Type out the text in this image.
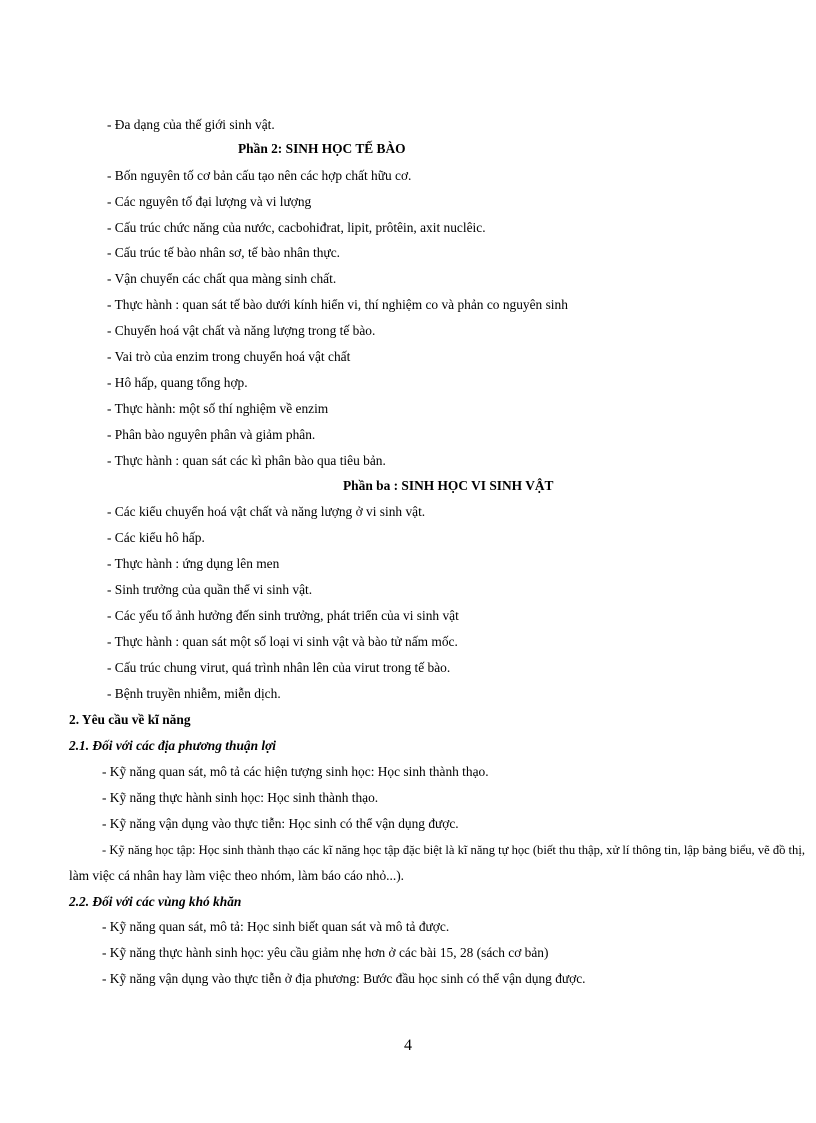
- Đa dạng của thế giới sinh vật.
Phần 2: SINH HỌC TẾ BÀO
- Bốn nguyên tố cơ bản cấu tạo nên các hợp chất hữu cơ.
- Các nguyên tố đại lượng và vi lượng
- Cấu trúc chức năng của nước, cacbohiđrat, lipit, prôtêin, axit nuclêic.
- Cấu trúc tế bào nhân sơ, tế bào nhân thực.
- Vận chuyển các chất qua màng sinh chất.
- Thực hành : quan sát tế bào dưới kính hiển vi, thí nghiệm co và phản co nguyên sinh
- Chuyển hoá vật chất và năng lượng trong tế bào.
- Vai trò của enzim trong chuyển hoá vật chất
- Hô hấp, quang tổng hợp.
- Thực hành: một số thí nghiệm về enzim
- Phân bào nguyên phân và giảm phân.
- Thực hành : quan sát các kì phân bào qua tiêu bản.
Phần ba : SINH HỌC VI SINH VẬT
- Các kiểu chuyển hoá vật chất và năng lượng ở vi sinh vật.
- Các kiểu hô hấp.
- Thực hành : ứng dụng lên men
- Sinh trưởng của quần thể vi sinh vật.
- Các yếu tố ảnh hưởng đến sinh trưởng, phát triển của vi sinh vật
- Thực hành : quan sát một số loại vi sinh vật và bào tử nấm mốc.
- Cấu trúc chung virut, quá trình nhân lên của virut trong tế bào.
- Bệnh truyền nhiễm, miễn dịch.
2. Yêu cầu về kĩ năng
2.1. Đối với các địa phương thuận lợi
- Kỹ năng quan sát, mô tả các hiện tượng sinh học: Học sinh thành thạo.
- Kỹ năng thực hành sinh học: Học sinh thành thạo.
- Kỹ năng vận dụng vào thực tiễn: Học sinh có thể vận dụng được.
- Kỹ năng học tập: Học sinh thành thạo các kĩ năng học tập đặc biệt là kĩ năng tự học (biết thu thập, xử lí thông tin, lập bảng biểu, vẽ đồ thị,
làm việc cá nhân hay làm việc theo nhóm, làm báo cáo nhỏ...).
2.2. Đối với các vùng khó khăn
- Kỹ năng quan sát, mô tả: Học sinh biết quan sát và mô tả được.
- Kỹ năng thực hành sinh học: yêu cầu giảm nhẹ hơn ở các bài 15, 28 (sách cơ bản)
- Kỹ năng vận dụng vào thực tiễn ở địa phương: Bước đầu học sinh có thể vận dụng được.
4
